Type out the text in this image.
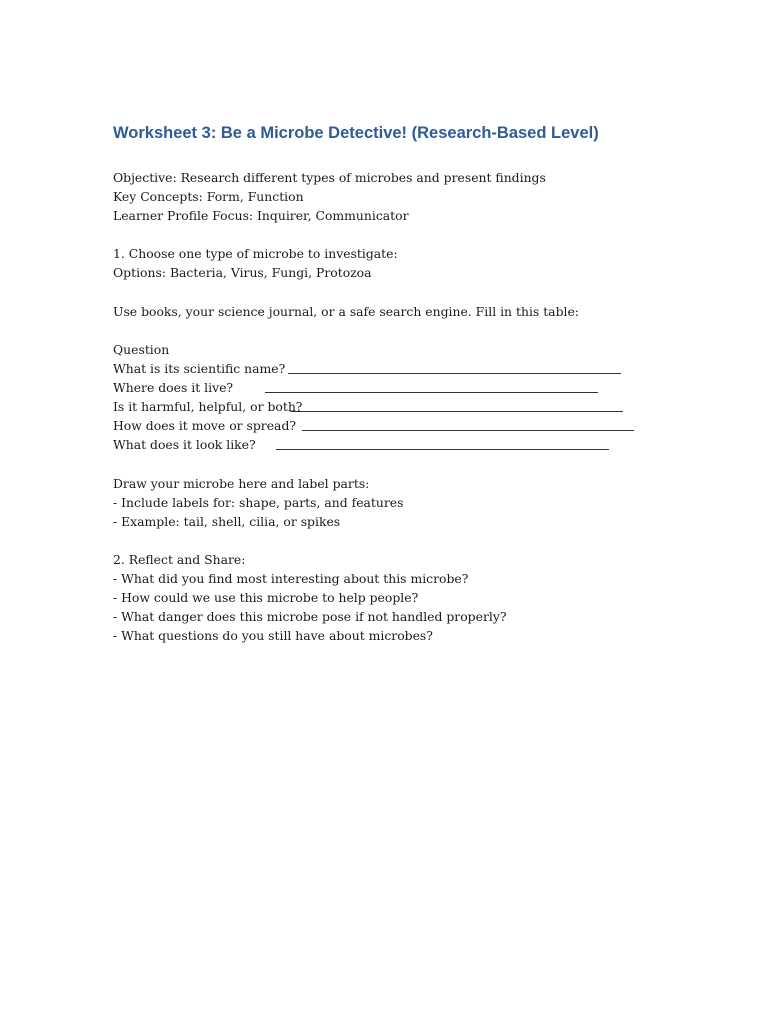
Worksheet 3: Be a Microbe Detective! (Research-Based Level)
Objective: Research different types of microbes and present findings
Key Concepts: Form, Function
Learner Profile Focus: Inquirer, Communicator
1. Choose one type of microbe to investigate:
Options: Bacteria, Virus, Fungi, Protozoa
Use books, your science journal, or a safe search engine. Fill in this table:
Question
What is its scientific name?
Where does it live?
Is it harmful, helpful, or both?
How does it move or spread?
What does it look like?
Draw your microbe here and label parts:
- Include labels for: shape, parts, and features
- Example: tail, shell, cilia, or spikes
2. Reflect and Share:
- What did you find most interesting about this microbe?
- How could we use this microbe to help people?
- What danger does this microbe pose if not handled properly?
- What questions do you still have about microbes?
